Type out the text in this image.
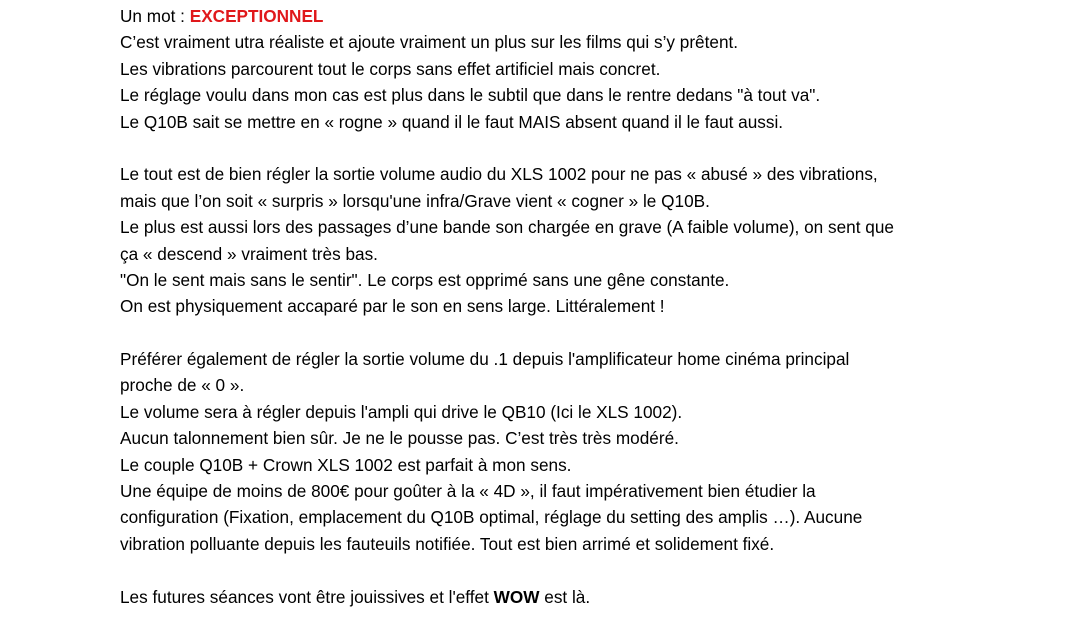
Un mot : EXCEPTIONNEL
C’est vraiment utra réaliste et ajoute vraiment un plus sur les films qui s’y prêtent.
Les vibrations parcourent tout le corps sans effet artificiel mais concret.
Le réglage voulu dans mon cas est plus dans le subtil que dans le rentre dedans "à tout va".
Le Q10B sait se mettre en « rogne » quand il le faut MAIS absent quand il le faut aussi.
Le tout est de bien régler la sortie volume audio du XLS 1002 pour ne pas « abusé » des vibrations,
mais que l’on soit « surpris » lorsqu'une infra/Grave vient « cogner » le Q10B.
Le plus est aussi lors des passages d’une bande son chargée en grave (A faible volume), on sent que
ça « descend » vraiment très bas.
"On le sent mais sans le sentir". Le corps est opprimé sans une gêne constante.
On est physiquement accaparé par le son en sens large. Littéralement !
Préférer également de régler la sortie volume du .1 depuis l'amplificateur home cinéma principal
proche de « 0 ».
Le volume sera à régler depuis l'ampli qui drive le QB10 (Ici le XLS 1002).
Aucun talonnement bien sûr. Je ne le pousse pas. C’est très très modéré.
Le couple Q10B + Crown XLS 1002 est parfait à mon sens.
Une équipe de moins de 800€ pour goûter à la « 4D », il faut impérativement bien étudier la
configuration (Fixation, emplacement du Q10B optimal, réglage du setting des amplis …). Aucune
vibration polluante depuis les fauteuils notifiée. Tout est bien arrimé et solidement fixé.
Les futures séances vont être jouissives et l'effet WOW est là.
